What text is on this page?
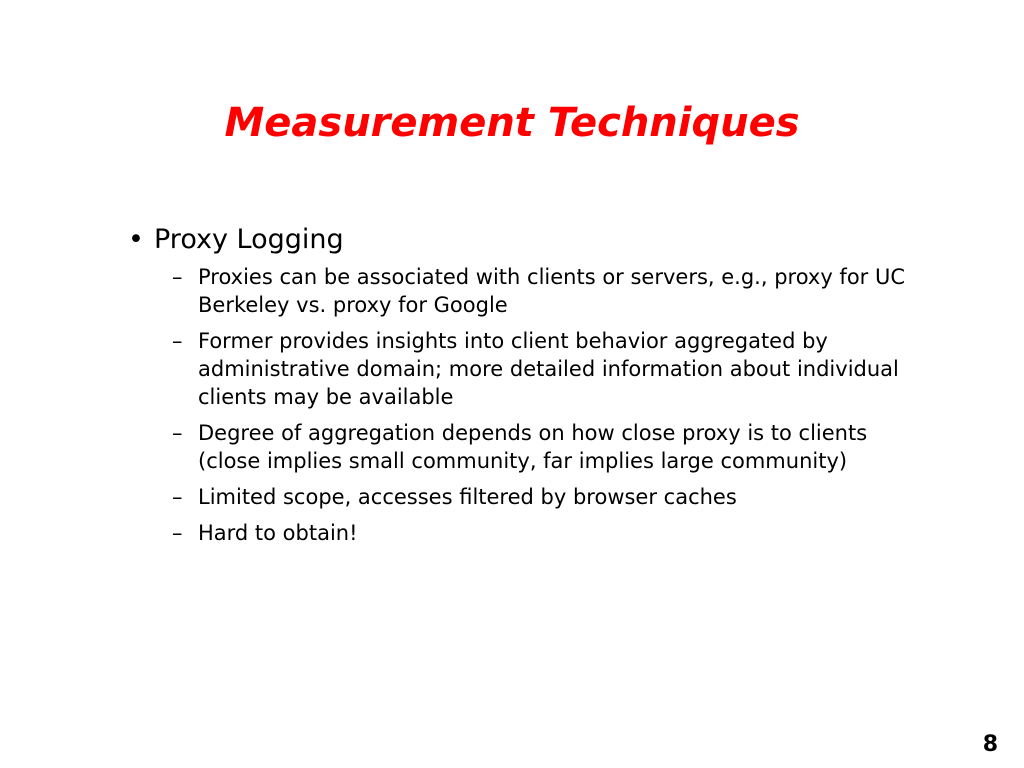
Measurement Techniques
• Proxy Logging
– Proxies can be associated with clients or servers, e.g., proxy for UC Berkeley vs. proxy for Google
– Former provides insights into client behavior aggregated by administrative domain; more detailed information about individual clients may be available
– Degree of aggregation depends on how close proxy is to clients (close implies small community, far implies large community)
– Limited scope, accesses filtered by browser caches
– Hard to obtain!
8
